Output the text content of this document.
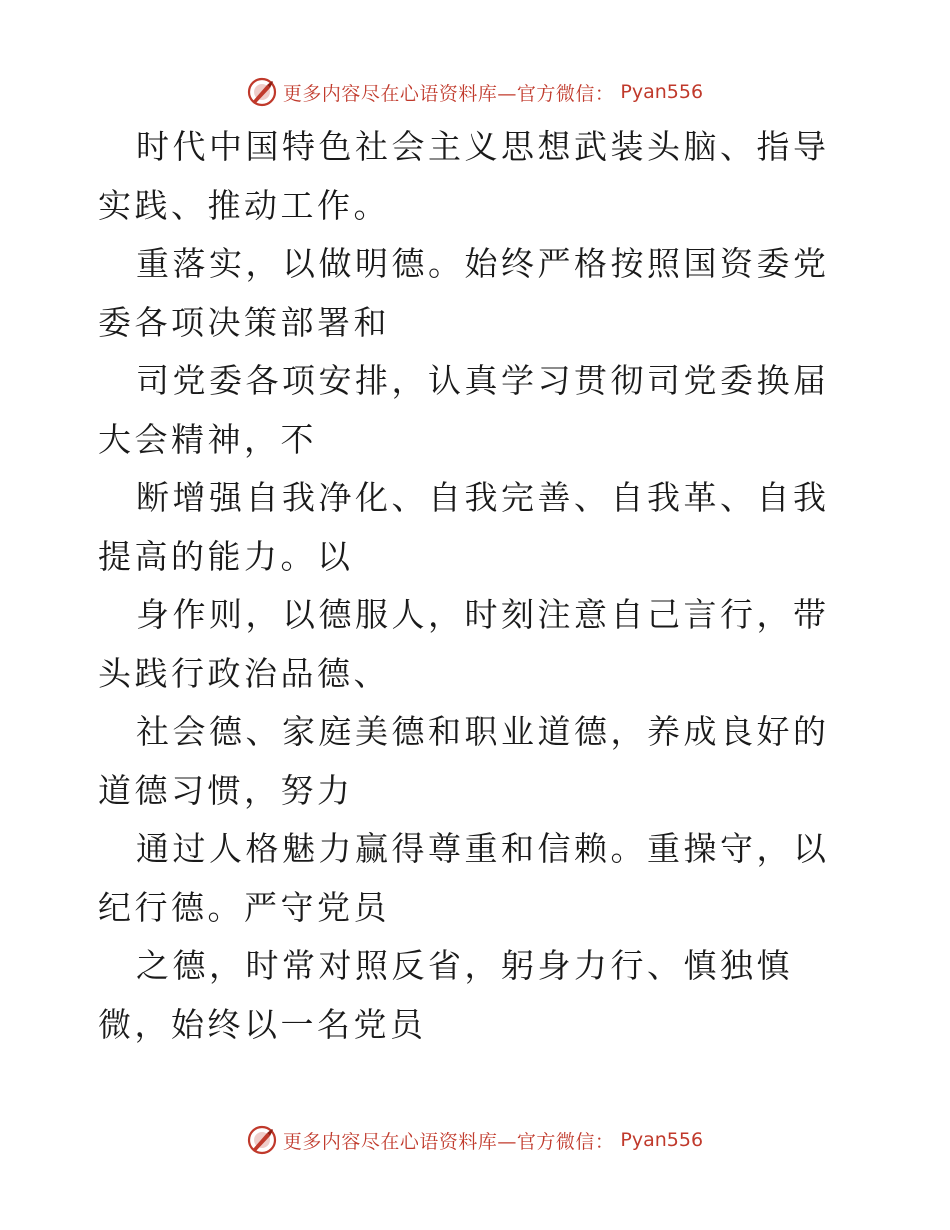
更多内容尽在心语资料库—官方微信： Pyan556

时代中国特色社会主义思想武装头脑、指导实践、推动工作。

重落实，以做明德。始终严格按照国资委党委各项决策部署和

司党委各项安排，认真学习贯彻司党委换届大会精神，不

断增强自我净化、自我完善、自我革、自我提高的能力。以

身作则，以德服人，时刻注意自己言行，带头践行政治品德、

社会德、家庭美德和职业道德，养成良好的道德习惯，努力

通过人格魅力赢得尊重和信赖。重操守，以纪行德。严守党员

之德，时常对照反省，躬身力行、慎独慎微，始终以一名党员

更多内容尽在心语资料库—官方微信： Pyan556
